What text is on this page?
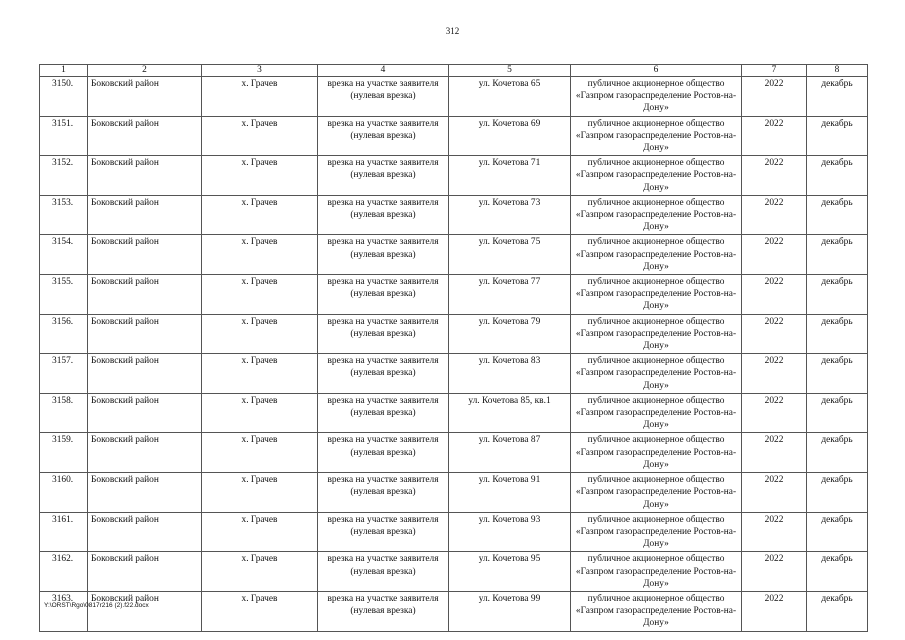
312
1	2	3	4	5	6	7	8
3150.	Боковский район	х. Грачев	врезка на участке заявителя (нулевая врезка)	ул. Кочетова 65	публичное акционерное общество «Газпром газораспределение Ростов-на-Дону»	2022	декабрь
3151.	Боковский район	х. Грачев	врезка на участке заявителя (нулевая врезка)	ул. Кочетова 69	публичное акционерное общество «Газпром газораспределение Ростов-на-Дону»	2022	декабрь
3152.	Боковский район	х. Грачев	врезка на участке заявителя (нулевая врезка)	ул. Кочетова 71	публичное акционерное общество «Газпром газораспределение Ростов-на-Дону»	2022	декабрь
3153.	Боковский район	х. Грачев	врезка на участке заявителя (нулевая врезка)	ул. Кочетова 73	публичное акционерное общество «Газпром газораспределение Ростов-на-Дону»	2022	декабрь
3154.	Боковский район	х. Грачев	врезка на участке заявителя (нулевая врезка)	ул. Кочетова 75	публичное акционерное общество «Газпром газораспределение Ростов-на-Дону»	2022	декабрь
3155.	Боковский район	х. Грачев	врезка на участке заявителя (нулевая врезка)	ул. Кочетова 77	публичное акционерное общество «Газпром газораспределение Ростов-на-Дону»	2022	декабрь
3156.	Боковский район	х. Грачев	врезка на участке заявителя (нулевая врезка)	ул. Кочетова 79	публичное акционерное общество «Газпром газораспределение Ростов-на-Дону»	2022	декабрь
3157.	Боковский район	х. Грачев	врезка на участке заявителя (нулевая врезка)	ул. Кочетова 83	публичное акционерное общество «Газпром газораспределение Ростов-на-Дону»	2022	декабрь
3158.	Боковский район	х. Грачев	врезка на участке заявителя (нулевая врезка)	ул. Кочетова 85, кв.1	публичное акционерное общество «Газпром газораспределение Ростов-на-Дону»	2022	декабрь
3159.	Боковский район	х. Грачев	врезка на участке заявителя (нулевая врезка)	ул. Кочетова 87	публичное акционерное общество «Газпром газораспределение Ростов-на-Дону»	2022	декабрь
3160.	Боковский район	х. Грачев	врезка на участке заявителя (нулевая врезка)	ул. Кочетова 91	публичное акционерное общество «Газпром газораспределение Ростов-на-Дону»	2022	декабрь
3161.	Боковский район	х. Грачев	врезка на участке заявителя (нулевая врезка)	ул. Кочетова 93	публичное акционерное общество «Газпром газораспределение Ростов-на-Дону»	2022	декабрь
3162.	Боковский район	х. Грачев	врезка на участке заявителя (нулевая врезка)	ул. Кочетова 95	публичное акционерное общество «Газпром газораспределение Ростов-на-Дону»	2022	декабрь
3163.	Боковский район	х. Грачев	врезка на участке заявителя (нулевая врезка)	ул. Кочетова 99	публичное акционерное общество «Газпром газораспределение Ростов-на-Дону»	2022	декабрь
Y:\ORST\Rgo\0817r216 (2).f22.docx
